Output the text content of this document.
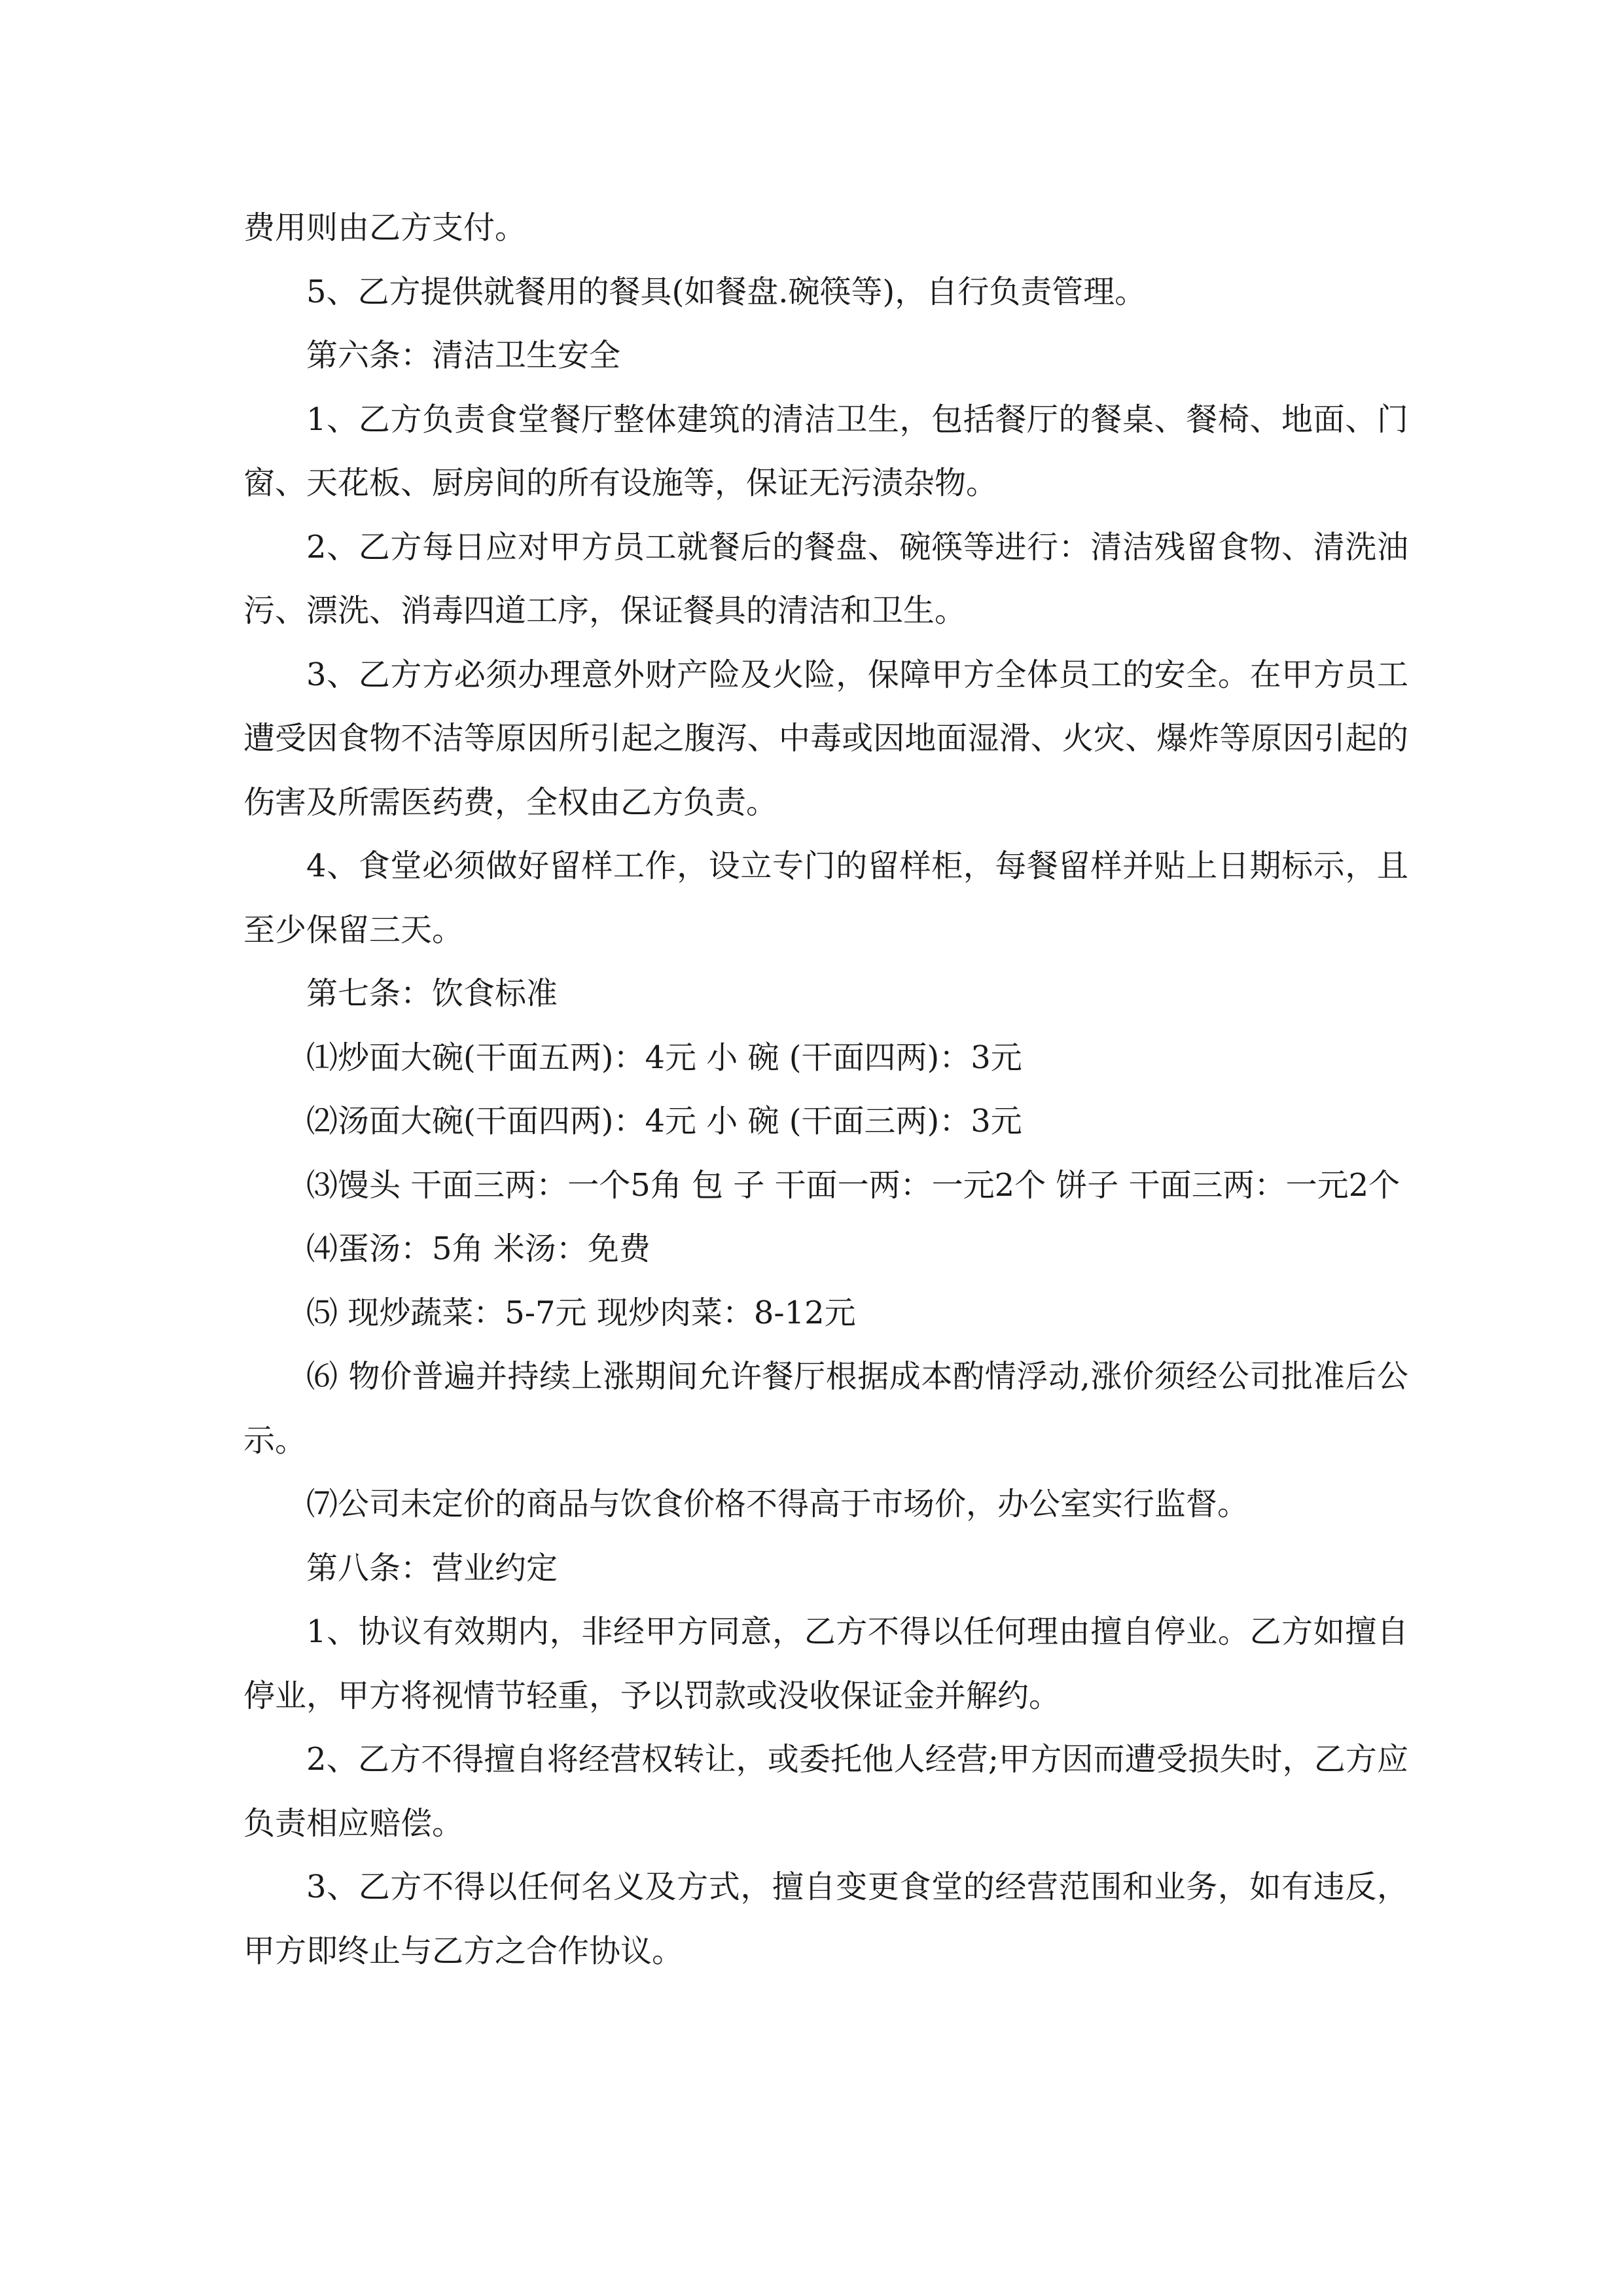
费用则由乙方支付。

5、乙方提供就餐用的餐具(如餐盘.碗筷等)，自行负责管理。

第六条：清洁卫生安全

1、乙方负责食堂餐厅整体建筑的清洁卫生，包括餐厅的餐桌、餐椅、地面、门窗、天花板、厨房间的所有设施等，保证无污渍杂物。

2、乙方每日应对甲方员工就餐后的餐盘、碗筷等进行：清洁残留食物、清洗油污、漂洗、消毒四道工序，保证餐具的清洁和卫生。

3、乙方方必须办理意外财产险及火险，保障甲方全体员工的安全。在甲方员工遭受因食物不洁等原因所引起之腹泻、中毒或因地面湿滑、火灾、爆炸等原因引起的伤害及所需医药费，全权由乙方负责。

4、食堂必须做好留样工作，设立专门的留样柜，每餐留样并贴上日期标示，且至少保留三天。

第七条：饮食标准

⑴炒面大碗(干面五两)：4元 小 碗 (干面四两)：3元

⑵汤面大碗(干面四两)：4元 小 碗 (干面三两)：3元

⑶馒头 干面三两：一个5角 包 子 干面一两：一元2个 饼子 干面三两：一元2个

⑷蛋汤：5角 米汤：免费

⑸ 现炒蔬菜：5-7元 现炒肉菜：8-12元

⑹ 物价普遍并持续上涨期间允许餐厅根据成本酌情浮动,涨价须经公司批准后公示。

⑺公司未定价的商品与饮食价格不得高于市场价，办公室实行监督。

第八条：营业约定

1、协议有效期内，非经甲方同意，乙方不得以任何理由擅自停业。乙方如擅自停业，甲方将视情节轻重，予以罚款或没收保证金并解约。

2、乙方不得擅自将经营权转让，或委托他人经营;甲方因而遭受损失时，乙方应负责相应赔偿。

3、乙方不得以任何名义及方式，擅自变更食堂的经营范围和业务，如有违反，甲方即终止与乙方之合作协议。
